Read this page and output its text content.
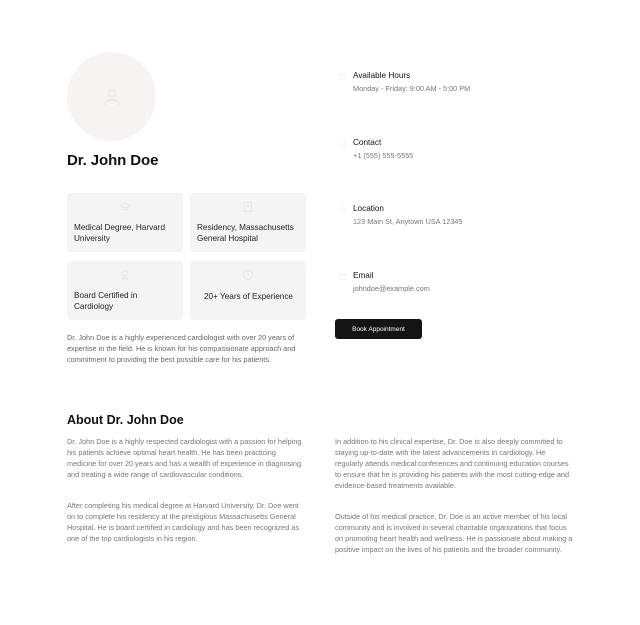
Dr. John Doe
Medical Degree, Harvard University
Residency, Massachusetts General Hospital
Board Certified in Cardiology
20+ Years of Experience
Dr. John Doe is a highly experienced cardiologist with over 20 years of expertise in the field. He is known for his compassionate approach and commitment to providing the best possible care for his patients.
Available Hours
Monday - Friday: 9:00 AM - 5:00 PM
Contact
+1 (555) 555-5555
Location
123 Main St, Anytown USA 12345
Email
johndoe@example.com
Book Appointment
About Dr. John Doe
Dr. John Doe is a highly respected cardiologist with a passion for helping his patients achieve optimal heart health. He has been practicing medicine for over 20 years and has a wealth of experience in diagnosing and treating a wide range of cardiovascular conditions.
After completing his medical degree at Harvard University, Dr. Doe went on to complete his residency at the prestigious Massachusetts General Hospital. He is board certified in cardiology and has been recognized as one of the top cardiologists in his region.
In addition to his clinical expertise, Dr. Doe is also deeply committed to staying up-to-date with the latest advancements in cardiology. He regularly attends medical conferences and continuing education courses to ensure that he is providing his patients with the most cutting-edge and evidence-based treatments available.
Outside of his medical practice, Dr. Doe is an active member of his local community and is involved in several charitable organizations that focus on promoting heart health and wellness. He is passionate about making a positive impact on the lives of his patients and the broader community.
